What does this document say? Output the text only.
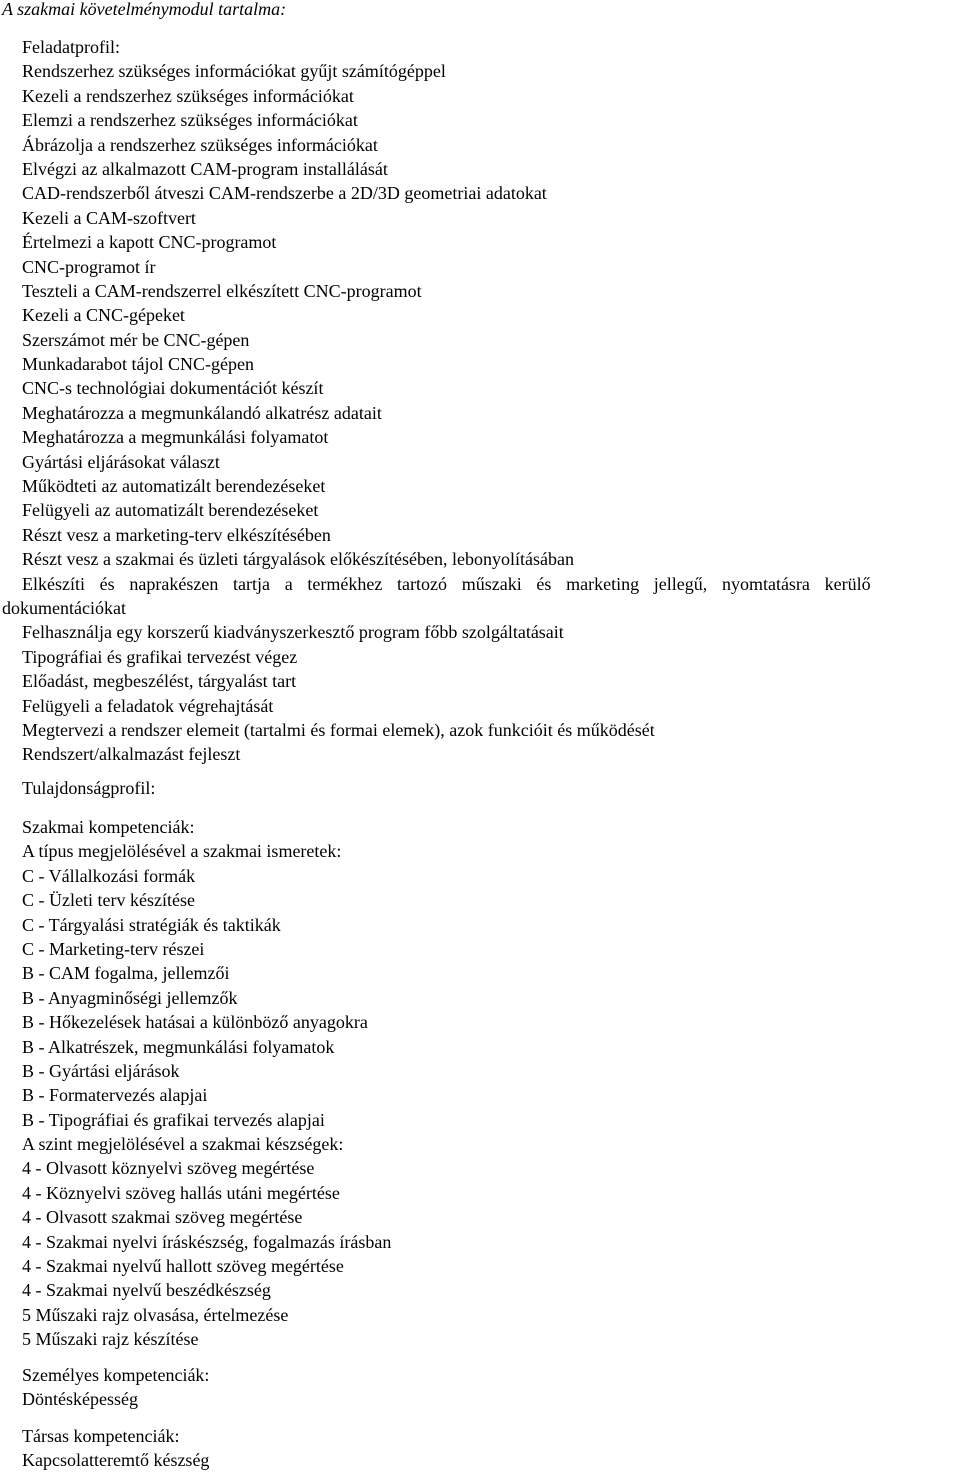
A szakmai követelménymodul tartalma:
Feladatprofil:
Rendszerhez szükséges információkat gyűjt számítógéppel
Kezeli a rendszerhez szükséges információkat
Elemzi a rendszerhez szükséges információkat
Ábrázolja a rendszerhez szükséges információkat
Elvégzi az alkalmazott CAM-program installálását
CAD-rendszerből átveszi CAM-rendszerbe a 2D/3D geometriai adatokat
Kezeli a CAM-szoftvert
Értelmezi a kapott CNC-programot
CNC-programot ír
Teszteli a CAM-rendszerrel elkészített CNC-programot
Kezeli a CNC-gépeket
Szerszámot mér be CNC-gépen
Munkadarabot tájol CNC-gépen
CNC-s technológiai dokumentációt készít
Meghatározza a megmunkálandó alkatrész adatait
Meghatározza a megmunkálási folyamatot
Gyártási eljárásokat választ
Működteti az automatizált berendezéseket
Felügyeli az automatizált berendezéseket
Részt vesz a marketing-terv elkészítésében
Részt vesz a szakmai és üzleti tárgyalások előkészítésében, lebonyolításában
Elkészíti és naprakészen tartja a termékhez tartozó műszaki és marketing jellegű, nyomtatásra kerülő
dokumentációkat
Felhasználja egy korszerű kiadványszerkesztő program főbb szolgáltatásait
Tipográfiai és grafikai tervezést végez
Előadást, megbeszélést, tárgyalást tart
Felügyeli a feladatok végrehajtását
Megtervezi a rendszer elemeit (tartalmi és formai elemek), azok funkcióit és működését
Rendszert/alkalmazást fejleszt
Tulajdonságprofil:
Szakmai kompetenciák:
A típus megjelölésével a szakmai ismeretek:
C - Vállalkozási formák
C - Üzleti terv készítése
C - Tárgyalási stratégiák és taktikák
C - Marketing-terv részei
B - CAM fogalma, jellemzői
B - Anyagminőségi jellemzők
B - Hőkezelések hatásai a különböző anyagokra
B - Alkatrészek, megmunkálási folyamatok
B - Gyártási eljárások
B - Formatervezés alapjai
B - Tipográfiai és grafikai tervezés alapjai
A szint megjelölésével a szakmai készségek:
4 - Olvasott köznyelvi szöveg megértése
4 - Köznyelvi szöveg hallás utáni megértése
4 - Olvasott szakmai szöveg megértése
4 - Szakmai nyelvi íráskészség, fogalmazás írásban
4 - Szakmai nyelvű hallott szöveg megértése
4 - Szakmai nyelvű beszédkészség
5 Műszaki rajz olvasása, értelmezése
5 Műszaki rajz készítése
Személyes kompetenciák:
Döntésképesség
Társas kompetenciák:
Kapcsolatteremtő készség
